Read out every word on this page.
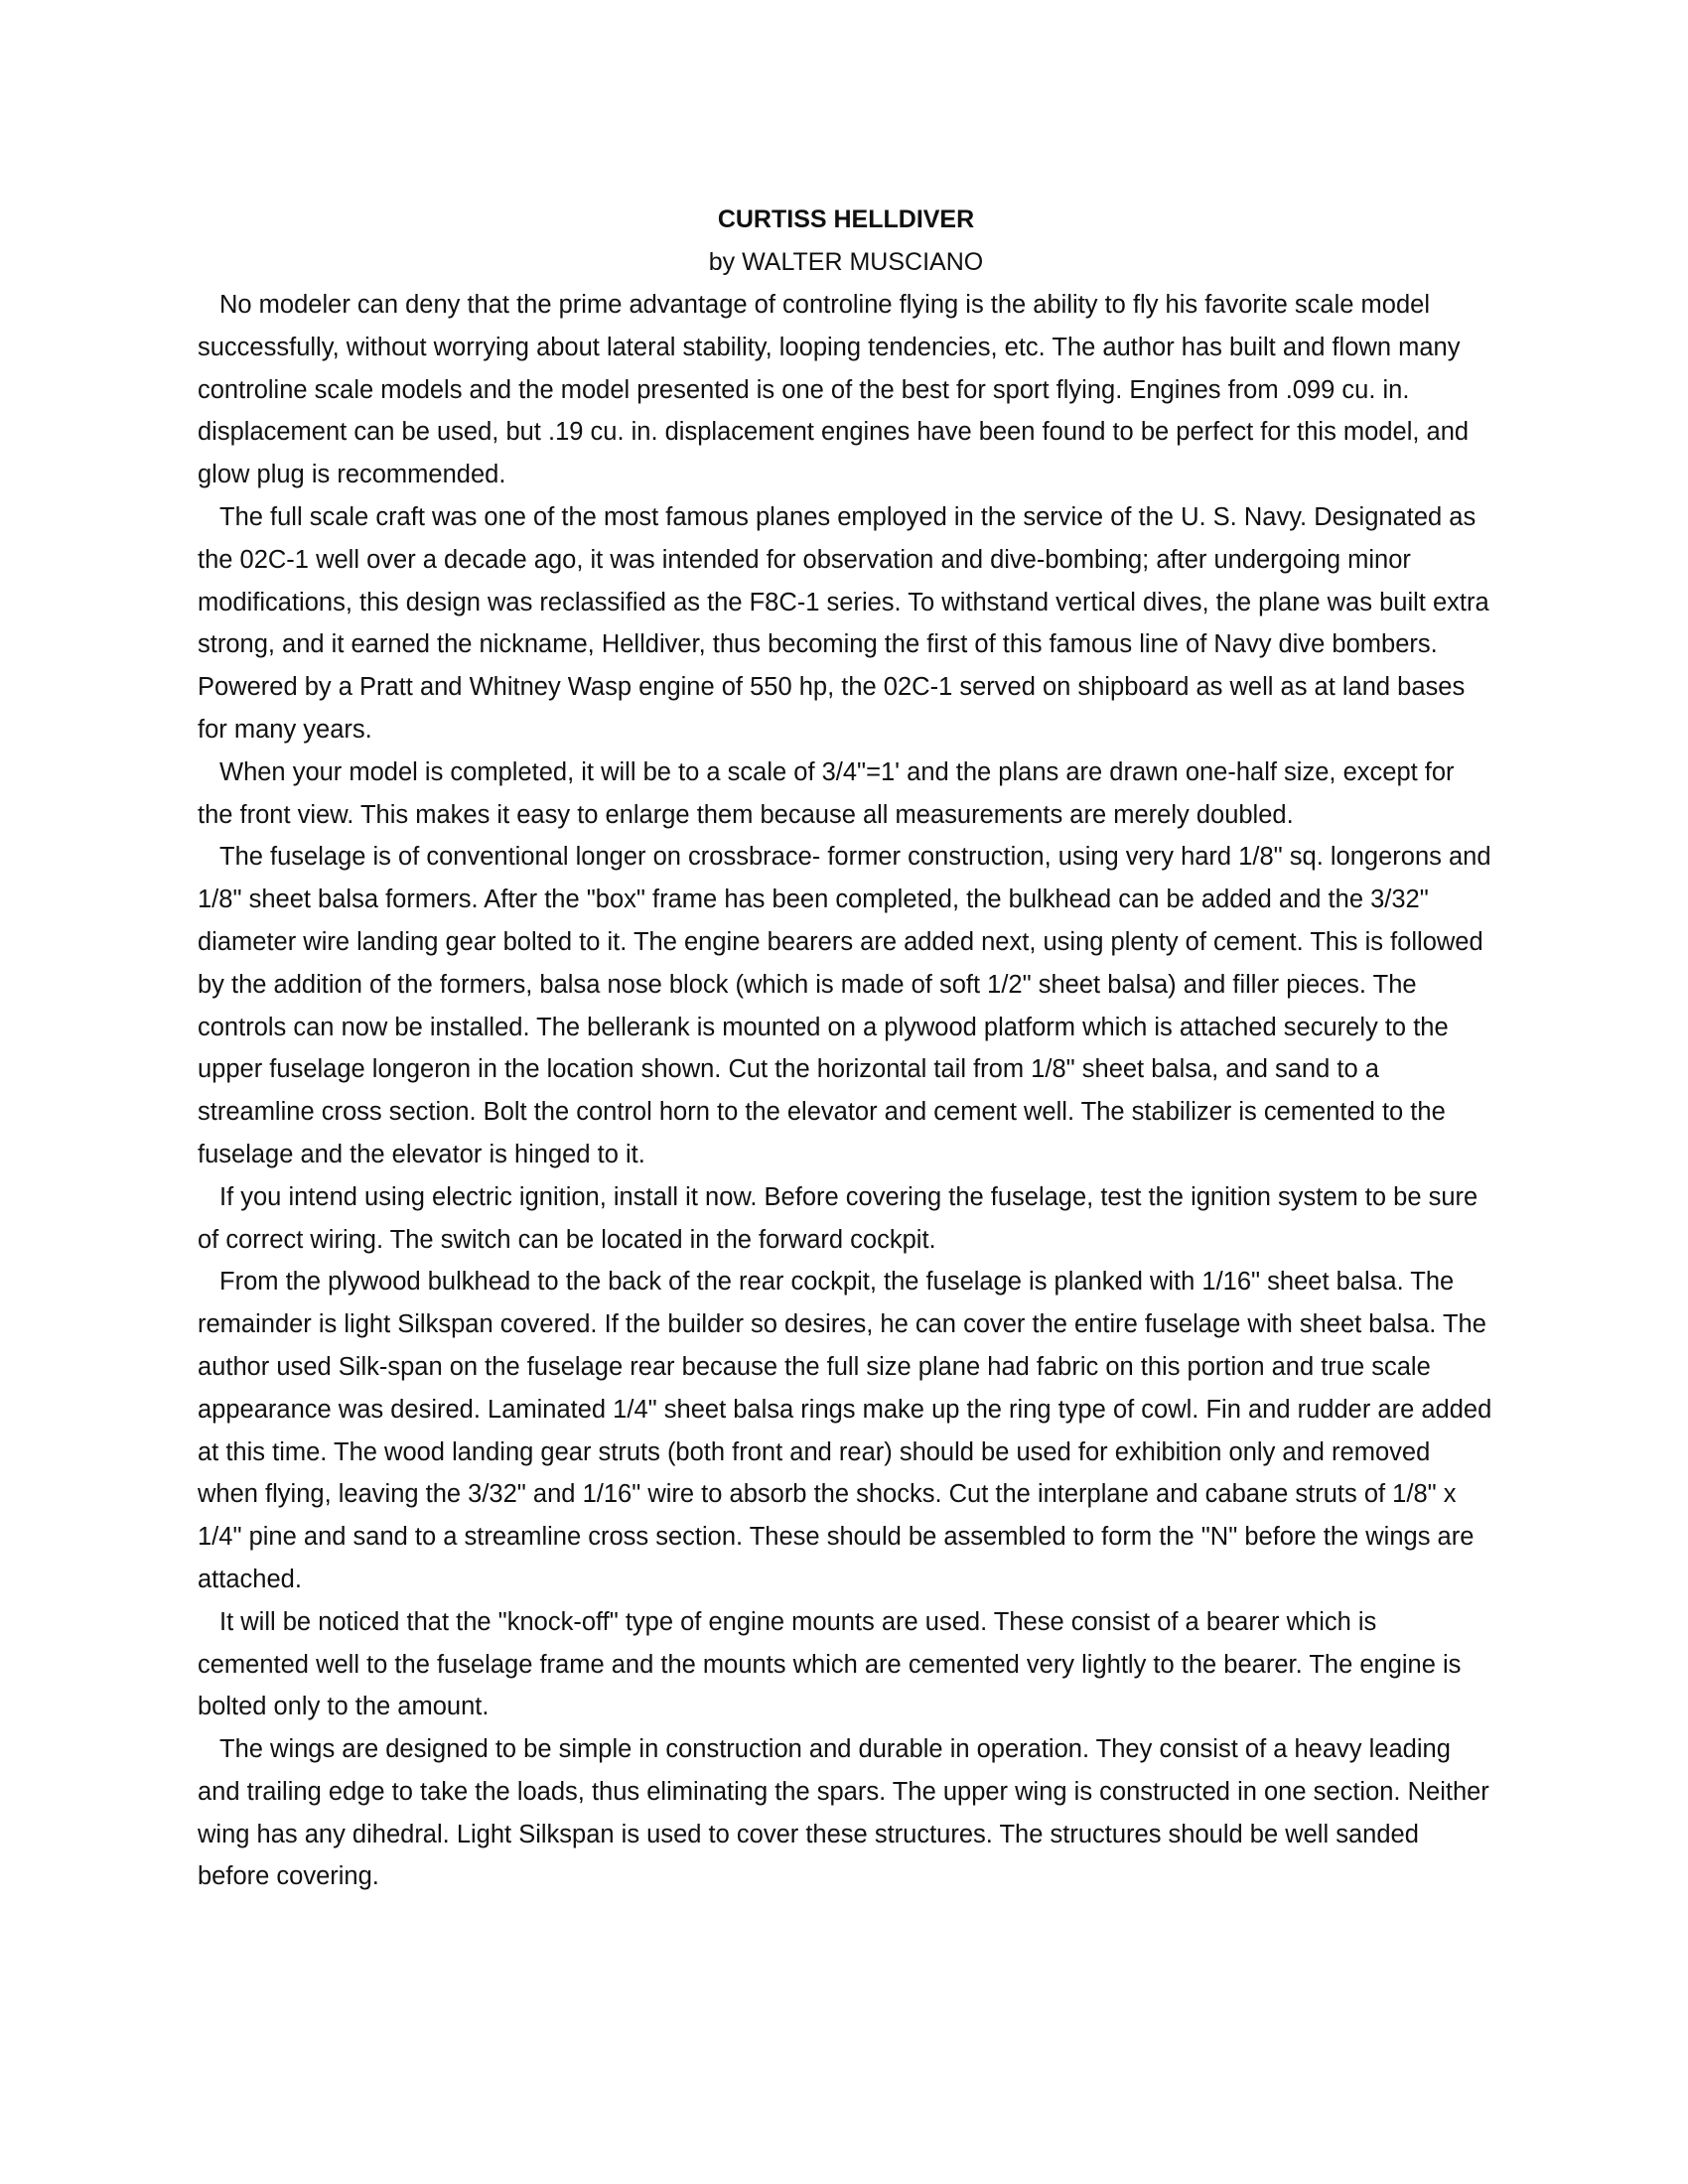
CURTISS HELLDIVER
by WALTER MUSCIANO

No modeler can deny that the prime advantage of controline flying is the ability to fly his favorite scale model successfully, without worrying about lateral stability, looping tendencies, etc. The author has built and flown many controline scale models and the model presented is one of the best for sport flying. Engines from .099 cu. in. displacement can be used, but .19 cu. in. displacement engines have been found to be perfect for this model, and glow plug is recommended.

The full scale craft was one of the most famous planes employed in the service of the U. S. Navy. Designated as the 02C-1 well over a decade ago, it was intended for observation and dive-bombing; after undergoing minor modifications, this design was reclassified as the F8C-1 series. To withstand vertical dives, the plane was built extra strong, and it earned the nickname, Helldiver, thus becoming the first of this famous line of Navy dive bombers. Powered by a Pratt and Whitney Wasp engine of 550 hp, the 02C-1 served on shipboard as well as at land bases for many years.

When your model is completed, it will be to a scale of 3/4"=1' and the plans are drawn one-half size, except for the front view. This makes it easy to enlarge them because all measurements are merely doubled.

The fuselage is of conventional longer on crossbrace- former construction, using very hard 1/8" sq. longerons and 1/8" sheet balsa formers. After the "box" frame has been completed, the bulkhead can be added and the 3/32" diameter wire landing gear bolted to it. The engine bearers are added next, using plenty of cement. This is followed by the addition of the formers, balsa nose block (which is made of soft 1/2" sheet balsa) and filler pieces. The controls can now be installed. The bellerank is mounted on a plywood platform which is attached securely to the upper fuselage longeron in the location shown. Cut the horizontal tail from 1/8" sheet balsa, and sand to a streamline cross section. Bolt the control horn to the elevator and cement well. The stabilizer is cemented to the fuselage and the elevator is hinged to it.

If you intend using electric ignition, install it now. Before covering the fuselage, test the ignition system to be sure of correct wiring. The switch can be located in the forward cockpit.

From the plywood bulkhead to the back of the rear cockpit, the fuselage is planked with 1/16" sheet balsa. The remainder is light Silkspan covered. If the builder so desires, he can cover the entire fuselage with sheet balsa. The author used Silk-span on the fuselage rear because the full size plane had fabric on this portion and true scale appearance was desired. Laminated 1/4" sheet balsa rings make up the ring type of cowl. Fin and rudder are added at this time. The wood landing gear struts (both front and rear) should be used for exhibition only and removed when flying, leaving the 3/32" and 1/16" wire to absorb the shocks. Cut the interplane and cabane struts of 1/8" x 1/4" pine and sand to a streamline cross section. These should be assembled to form the "N" before the wings are attached.

It will be noticed that the "knock-off" type of engine mounts are used. These consist of a bearer which is cemented well to the fuselage frame and the mounts which are cemented very lightly to the bearer. The engine is bolted only to the amount.

The wings are designed to be simple in construction and durable in operation. They consist of a heavy leading and trailing edge to take the loads, thus eliminating the spars. The upper wing is constructed in one section. Neither wing has any dihedral. Light Silkspan is used to cover these structures. The structures should be well sanded before covering.
